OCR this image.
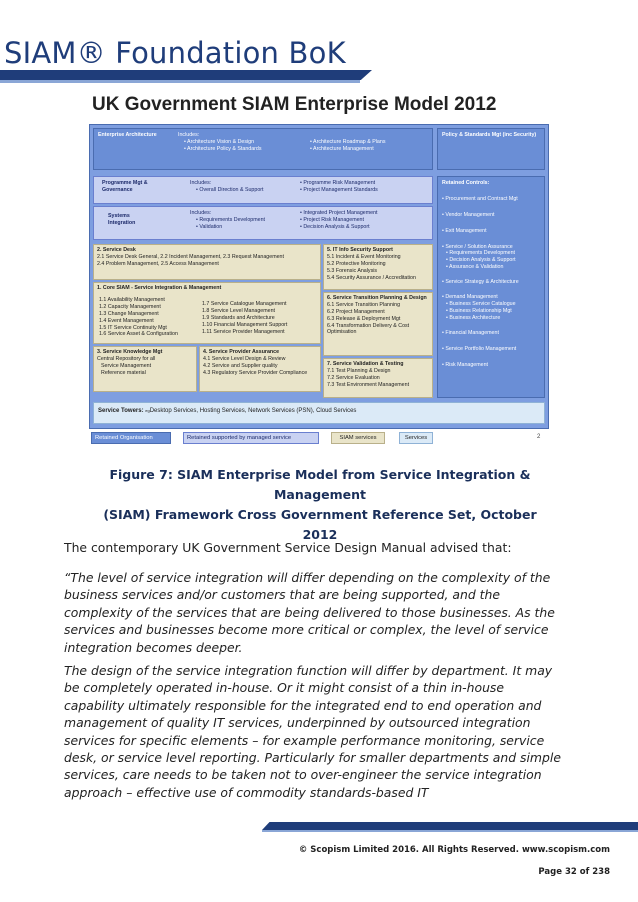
SIAM® Foundation BoK
UK Government SIAM Enterprise Model 2012
Enterprise Architecture	Includes:
• Architecture Vision & Design
• Architecture Policy & Standards
• Architecture Roadmap & Plans
• Architecture Management
Policy & Standards Mgt (inc Security)
Programme Mgt & Governance
Includes:
• Overall Direction & Support
• Programme Risk Management
• Project Management Standards
Systems Integration
Includes:
• Requirements Development
• Validation
• Integrated Project Management
• Project Risk Management
• Decision Analysis & Support
Retained Controls:
• Procurement and Contract Mgt
• Vendor Management
• Exit Management
• Service / Solution Assurance
• Requirements Development
• Decision Analysis & Support
• Assurance & Validation
• Service Strategy & Architecture
• Demand Management
• Business Service Catalogue
• Business Relationship Mgt
• Business Architecture
• Financial Management
• Service Portfolio Management
• Risk Management
2. Service Desk
2.1 Service Desk General, 2.2 Incident Management, 2.3 Request Management
2.4 Problem Management, 2.5 Access Management
5. IT Info Security Support
5.1 Incident & Event Monitoring
5.2 Protective Monitoring
5.3 Forensic Analysis
5.4 Security Assurance / Accreditation
1. Core SIAM - Service Integration & Management
1.1 Availability Management
1.2 Capacity Management
1.3 Change Management
1.4 Event Management
1.5 IT Service Continuity Mgt
1.6 Service Asset & Configuration
1.7 Service Catalogue Management
1.8 Service Level Management
1.9 Standards and Architecture
1.10 Financial Management Support
1.11 Service Provider Management
6. Service Transition Planning & Design
6.1 Service Transition Planning
6.2 Project Management
6.3 Release & Deployment Mgt
6.4 Transformation Delivery & Cost Optimisation
3. Service Knowledge Mgt
Central Repository for all
Service Management
Reference material
4. Service Provider Assurance
4.1 Service Level Design & Review
4.2 Service and Supplier quality
4.3 Regulatory Service Provider Compliance
7. Service Validation & Testing
7.1 Test Planning & Design
7.2 Service Evaluation
7.3 Test Environment Management
Service Towers: egDesktop Services, Hosting Services, Network Services (PSN), Cloud Services
Retained Organisation	Retained supported by managed service	SIAM services	Services	2
Figure 7: SIAM Enterprise Model from Service Integration & Management
(SIAM) Framework Cross Government Reference Set, October 2012
The contemporary UK Government Service Design Manual advised that:
“The level of service integration will differ depending on the complexity of the business services and/or customers that are being supported, and the complexity of the services that are being delivered to those businesses. As the services and businesses become more critical or complex, the level of service integration becomes deeper.
The design of the service integration function will differ by department. It may be completely operated in-house. Or it might consist of a thin in-house capability ultimately responsible for the integrated end to end operation and management of quality IT services, underpinned by outsourced integration services for specific elements – for example performance monitoring, service desk, or service level reporting. Particularly for smaller departments and simple services, care needs to be taken not to over-engineer the service integration approach – effective use of commodity standards-based IT
© Scopism Limited 2016. All Rights Reserved. www.scopism.com
Page 32 of 238
